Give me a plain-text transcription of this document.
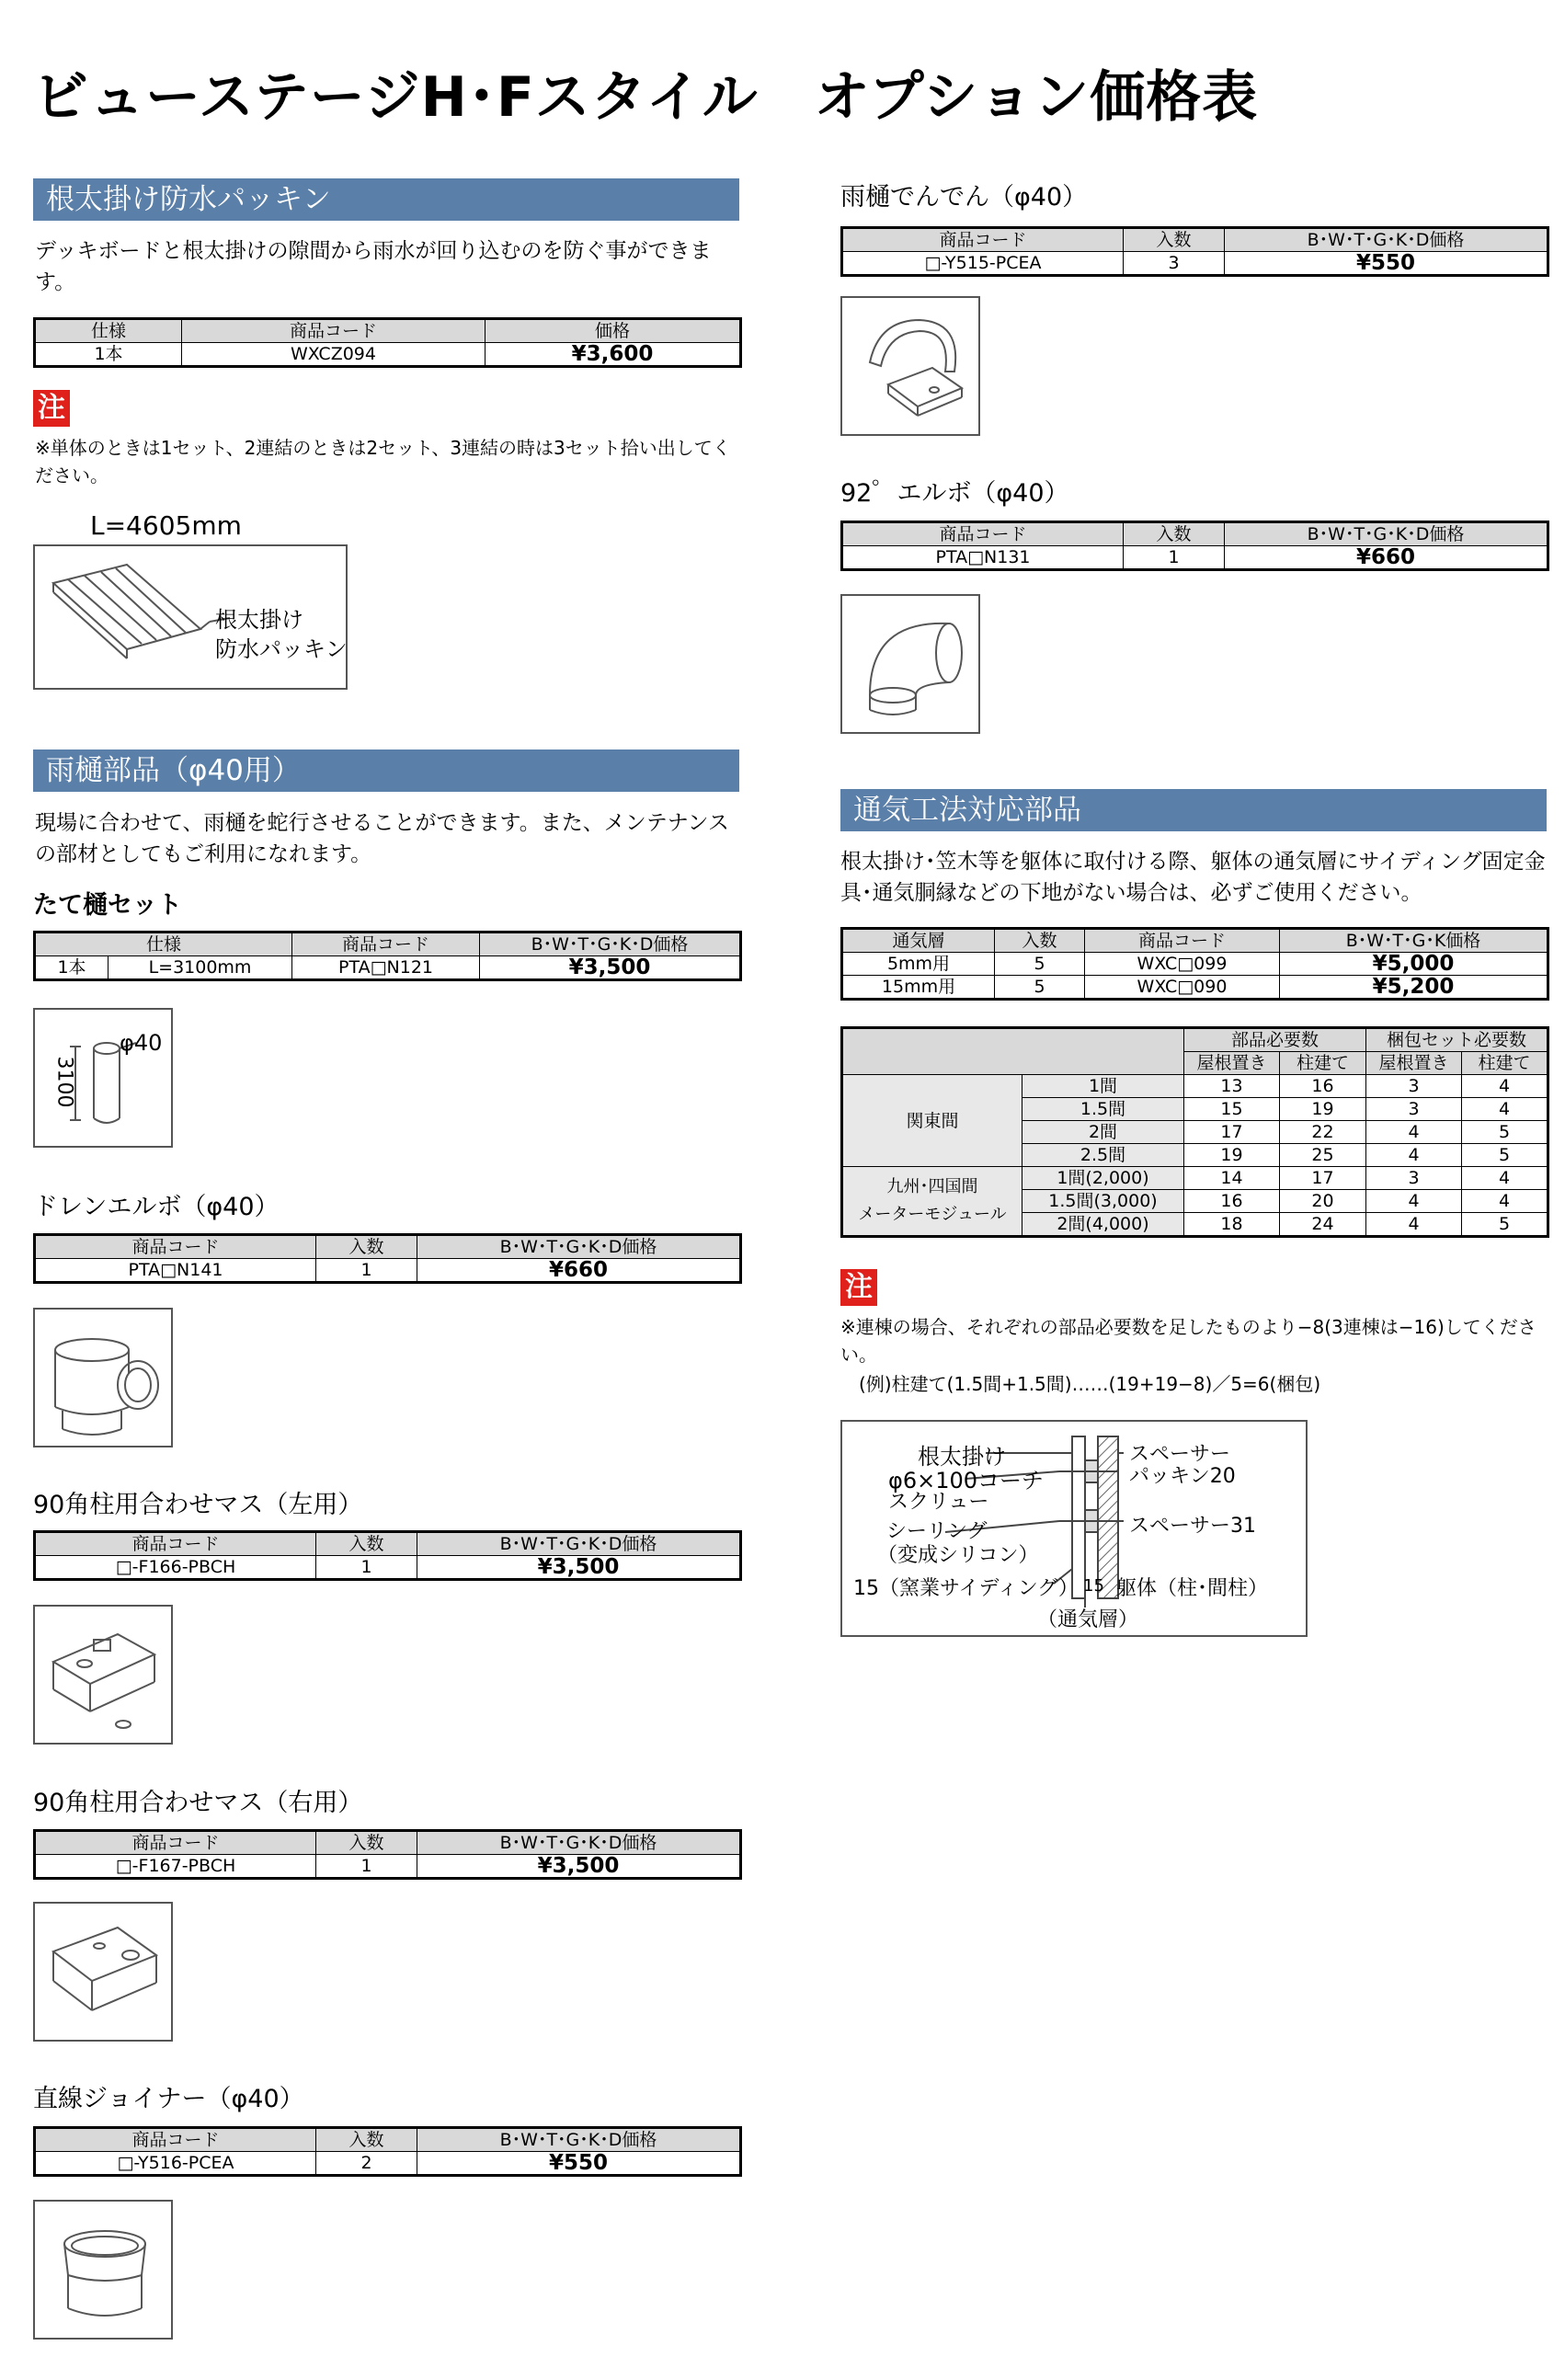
ビューステージH･Fスタイル　オプション価格表
根太掛け防水パッキン

デッキボードと根太掛けの隙間から雨水が回り込むのを防ぐ事ができます。

仕様	商品コード	価格
1本	WXCZ094	¥3,600
注

※単体のときは1セット、2連結のときは2セット、3連結の時は3セット拾い出してください。

L=4605mm
根太掛け
防水パッキン
雨樋部品（φ40用）

現場に合わせて、雨樋を蛇行させることができます。また、メンテナンスの部材としてもご利用になれます。

たて樋セット
仕様		商品コード	B･W･T･G･K･D価格
1本	L=3100mm	PTA□N121	¥3,500
φ40
3100
ドレンエルボ（φ40）
商品コード	入数	B･W･T･G･K･D価格
PTA□N141	1	¥660
90角柱用合わせマス（左用）
商品コード	入数	B･W･T･G･K･D価格
□-F166-PBCH	1	¥3,500
90角柱用合わせマス（右用）
商品コード	入数	B･W･T･G･K･D価格
□-F167-PBCH	1	¥3,500
直線ジョイナー（φ40）
商品コード	入数	B･W･T･G･K･D価格
□-Y516-PCEA	2	¥550
雨樋でんでん（φ40）
商品コード	入数	B･W･T･G･K･D価格
□-Y515-PCEA	3	¥550
92゜エルボ（φ40）
商品コード	入数	B･W･T･G･K･D価格
PTA□N131	1	¥660
通気工法対応部品

根太掛け･笠木等を躯体に取付ける際、躯体の通気層にサイディング固定金具･通気胴縁などの下地がない場合は、必ずご使用ください。

通気層	入数	商品コード	B･W･T･G･K価格
5mm用	5	WXC□099	¥5,000
15mm用	5	WXC□090	¥5,200
		部品必要数		梱包セット必要数	
		屋根置き	柱建て	屋根置き	柱建て
関東間	1間	13	16	3	4
	1.5間	15	19	3	4
	2間	17	22	4	5
	2.5間	19	25	4	5

九州･四国間
メーターモジュール	1間(2,000)	14	17	3	4
	1.5間(3,000)	16	20	4	4
	2間(4,000)	18	24	4	5
注

※連棟の場合、それぞれの部品必要数を足したものより−8(3連棟は−16)してください。

(例)柱建て(1.5間+1.5間)……(19+19−8)／5=6(梱包)

根太掛け
φ6×100コーチ
スクリュー
シーリング
（変成シリコン）
15（窯業サイディング）
スペーサー
パッキン20
スペーサー31
15 躯体（柱･間柱）
（通気層）
